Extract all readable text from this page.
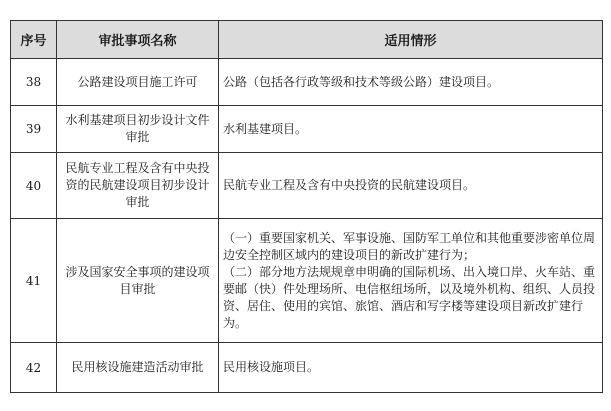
序号	审批事项名称	适用情形
38	公路建设项目施工许可	公路（包括各行政等级和技术等级公路）建设项目。

39	水利基建项目初步设计文件审批	水利基建项目。

40	民航专业工程及含有中央投资的民航建设项目初步设计审批	民航专业工程及含有中央投资的民航建设项目。

41	涉及国家安全事项的建设项目审批	（一）重要国家机关、军事设施、国防军工单位和其他重要涉密单位周边安全控制区域内的建设项目的新改扩建行为；
（二）部分地方法规规章申明确的国际机场、出入境口岸、火车站、重要邮（快）件处理场所、电信枢纽场所，以及境外机构、组织、人员投资、居住、使用的宾馆、旅馆、酒店和写字楼等建设项目新改扩建行为。

42	民用核设施建造活动审批	民用核设施项目。
